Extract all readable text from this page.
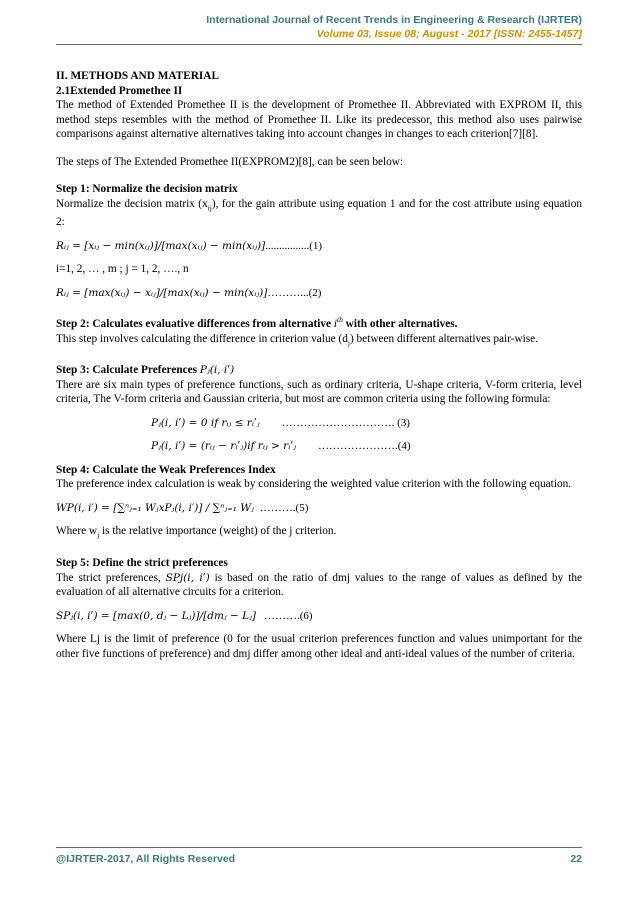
International Journal of Recent Trends in Engineering & Research (IJRTER)
Volume 03, Issue 08; August - 2017 [ISSN: 2455-1457]

II. METHODS AND MATERIAL

2.1Extended Promethee II

The method of Extended Promethee II is the development of Promethee II. Abbreviated with EXPROM II, this method steps resembles with the method of Promethee II. Like its predecessor, this method also uses pairwise comparisons against alternative alternatives taking into account changes in changes to each criterion[7][8].

The steps of The Extended Promethee II(EXPROM2)[8], can be seen below:

Step 1: Normalize the decision matrix

Normalize the decision matrix $(x_{ij})$, for the gain attribute using equation 1 and for the cost attribute using equation 2:

Rᵢⱼ = [xᵢⱼ − min(xᵢⱼ)]/[max(xᵢⱼ) − min(xᵢⱼ)]................(1)

i=1, 2, … , m ; j = 1, 2, …., n

Rᵢⱼ = [max(xᵢⱼ) − xᵢⱼ]/[max(xᵢⱼ) − min(xᵢⱼ)]………...(2)

Step 2: Calculates evaluative differences from alternative $i^{th}$ with other alternatives.

This step involves calculating the difference in criterion value $(d_j)$ between different alternatives pair-wise.

Step 3: Calculate Preferences Pⱼ(i, iʹ)

There are six main types of preference functions, such as ordinary criteria, U-shape criteria, V-form criteria, level criteria, The V-form criteria and Gaussian criteria, but most are common criteria using the following formula:

Pⱼ(i, iʹ) = 0 if rᵢⱼ ≤ rᵢʹⱼ …………………………. (3)

Pⱼ(i, iʹ) = (rᵢⱼ − rᵢʹⱼ)if rᵢⱼ > rᵢʹⱼ ………………….(4)

Step 4: Calculate the Weak Preferences Index

The preference index calculation is weak by considering the weighted value criterion with the following equation.

WP(i, i′) = [∑ⁿⱼ₌₁ WⱼxPⱼ(i, i′)] / ∑ⁿⱼ₌₁ Wⱼ ……….(5)

Where $w_j$ is the relative importance (weight) of the j criterion.

Step 5: Define the strict preferences

The strict preferences, SPj(i, iʹ) is based on the ratio of dmj values to the range of values as defined by the evaluation of all alternative circuits for a criterion.

SPⱼ(i, iʹ) = [max(0, dⱼ − Lⱼ)]/[dmⱼ − Lⱼ] ……….(6)

Where Lj is the limit of preference (0 for the usual criterion preferences function and values unimportant for the other five functions of preference) and dmj differ among other ideal and anti-ideal values of the number of criteria.

@IJRTER-2017, All Rights Reserved	22
